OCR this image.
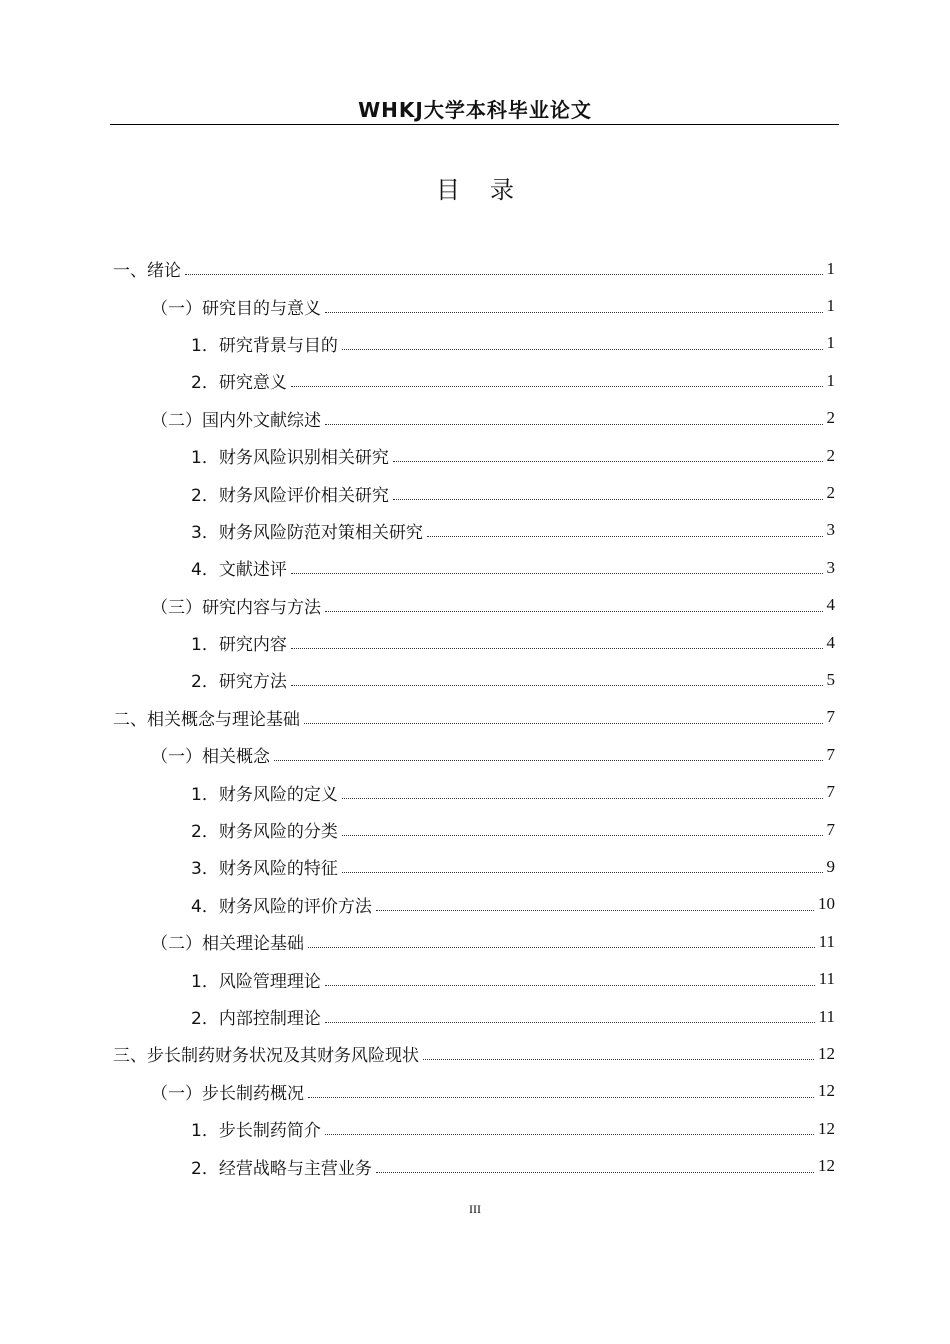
WHKJ大学本科毕业论文
目录
一、绪论	1
（一）研究目的与意义	1
1．研究背景与目的	1
2．研究意义	1
（二）国内外文献综述	2
1．财务风险识别相关研究	2
2．财务风险评价相关研究	2
3．财务风险防范对策相关研究	3
4．文献述评	3
（三）研究内容与方法	4
1．研究内容	4
2．研究方法	5
二、相关概念与理论基础	7
（一）相关概念	7
1．财务风险的定义	7
2．财务风险的分类	7
3．财务风险的特征	9
4．财务风险的评价方法	10
（二）相关理论基础	11
1．风险管理理论	11
2．内部控制理论	11
三、步长制药财务状况及其财务风险现状	12
（一）步长制药概况	12
1．步长制药简介	12
2．经营战略与主营业务	12
III
